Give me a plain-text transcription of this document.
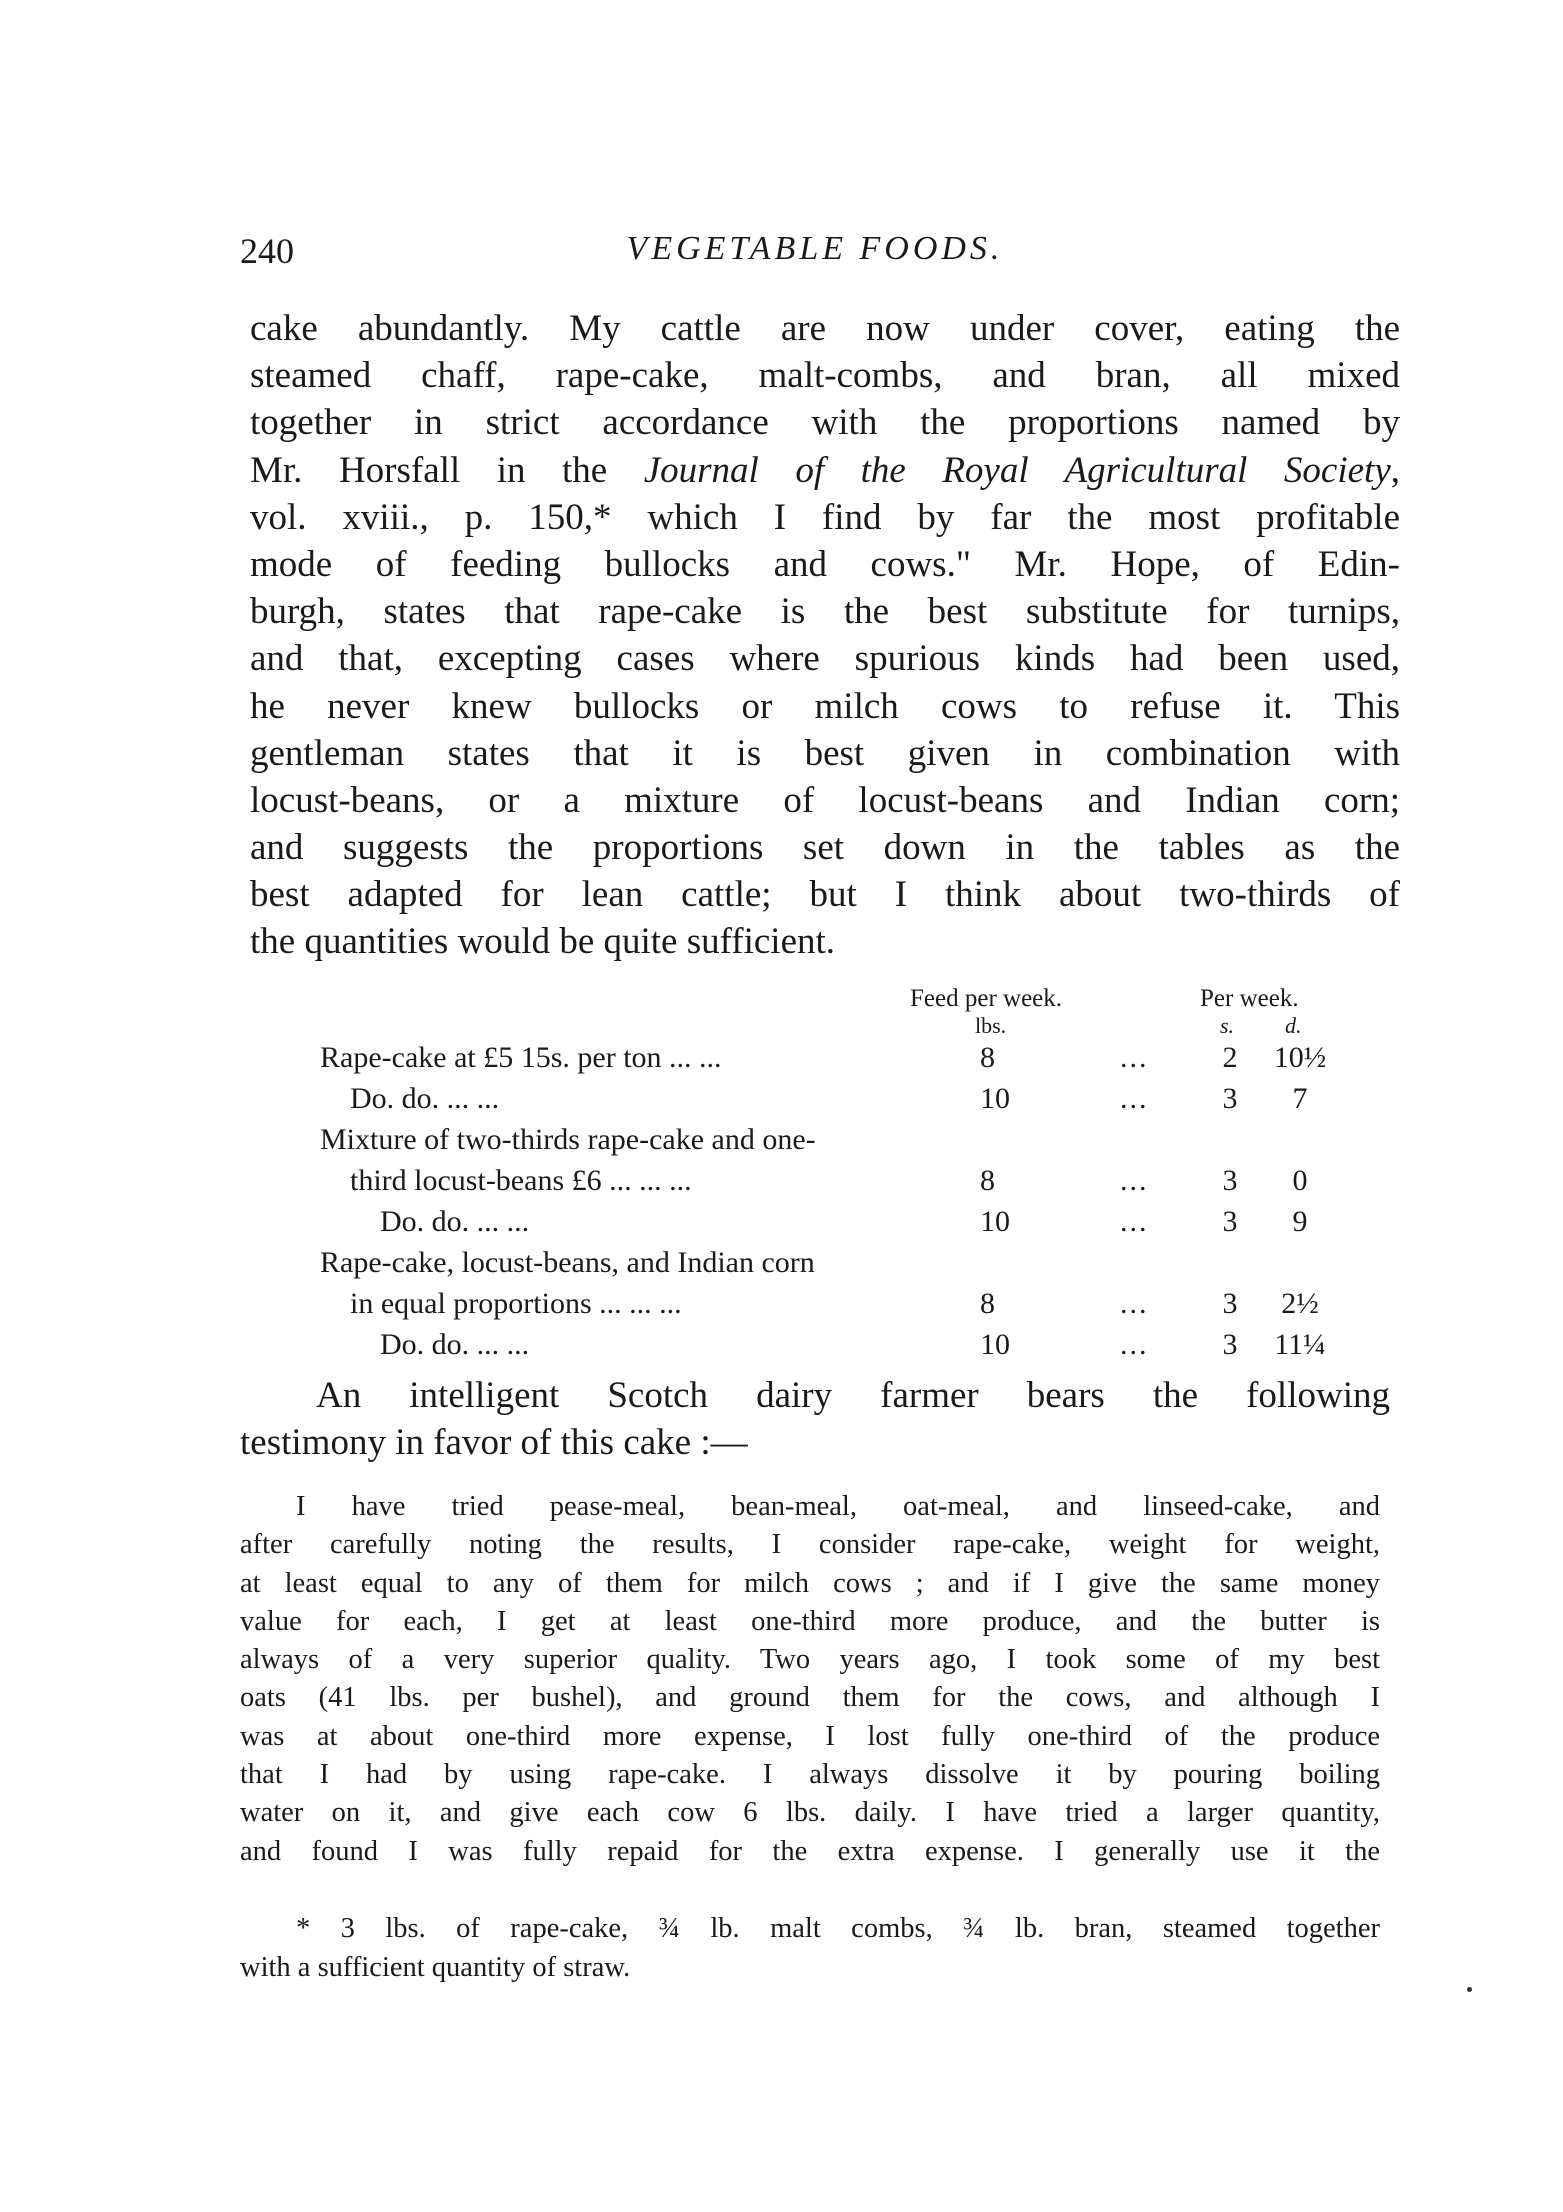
240	VEGETABLE FOODS.
cake abundantly. My cattle are now under cover, eating the
steamed chaff, rape-cake, malt-combs, and bran, all mixed
together in strict accordance with the proportions named by
Mr. Horsfall in the Journal of the Royal Agricultural Society,
vol. xviii., p. 150,* which I find by far the most profitable
mode of feeding bullocks and cows." Mr. Hope, of Edin-
burgh, states that rape-cake is the best substitute for turnips,
and that, excepting cases where spurious kinds had been used,
he never knew bullocks or milch cows to refuse it. This
gentleman states that it is best given in combination with
locust-beans, or a mixture of locust-beans and Indian corn;
and suggests the proportions set down in the tables as the
best adapted for lean cattle; but I think about two-thirds of
the quantities would be quite sufficient.
Feed per week.	Per week.
lbs.	s. d.
Rape-cake at £5 15s. per ton ... ...	8	... 2 10½
Do. do. ... ...	10	... 3	7
Mixture of two-thirds rape-cake and one-
third locust-beans £6 ... ... ...	8	... 3	0
Do. do. ... ...	10	... 3	9
Rape-cake, locust-beans, and Indian corn
in equal proportions ... ... ...	8	... 3	2½
Do. do. ... ...	10	... 3 11¼
An intelligent Scotch dairy farmer bears the following
testimony in favor of this cake :—
I have tried pease-meal, bean-meal, oat-meal, and linseed-cake, and
after carefully noting the results, I consider rape-cake, weight for weight,
at least equal to any of them for milch cows ; and if I give the same money
value for each, I get at least one-third more produce, and the butter is
always of a very superior quality. Two years ago, I took some of my best
oats (41 lbs. per bushel), and ground them for the cows, and although I
was at about one-third more expense, I lost fully one-third of the produce
that I had by using rape-cake. I always dissolve it by pouring boiling
water on it, and give each cow 6 lbs. daily. I have tried a larger quantity,
and found I was fully repaid for the extra expense. I generally use it the
* 3 lbs. of rape-cake, ¾ lb. malt combs, ¾ lb. bran, steamed together
with a sufficient quantity of straw.
